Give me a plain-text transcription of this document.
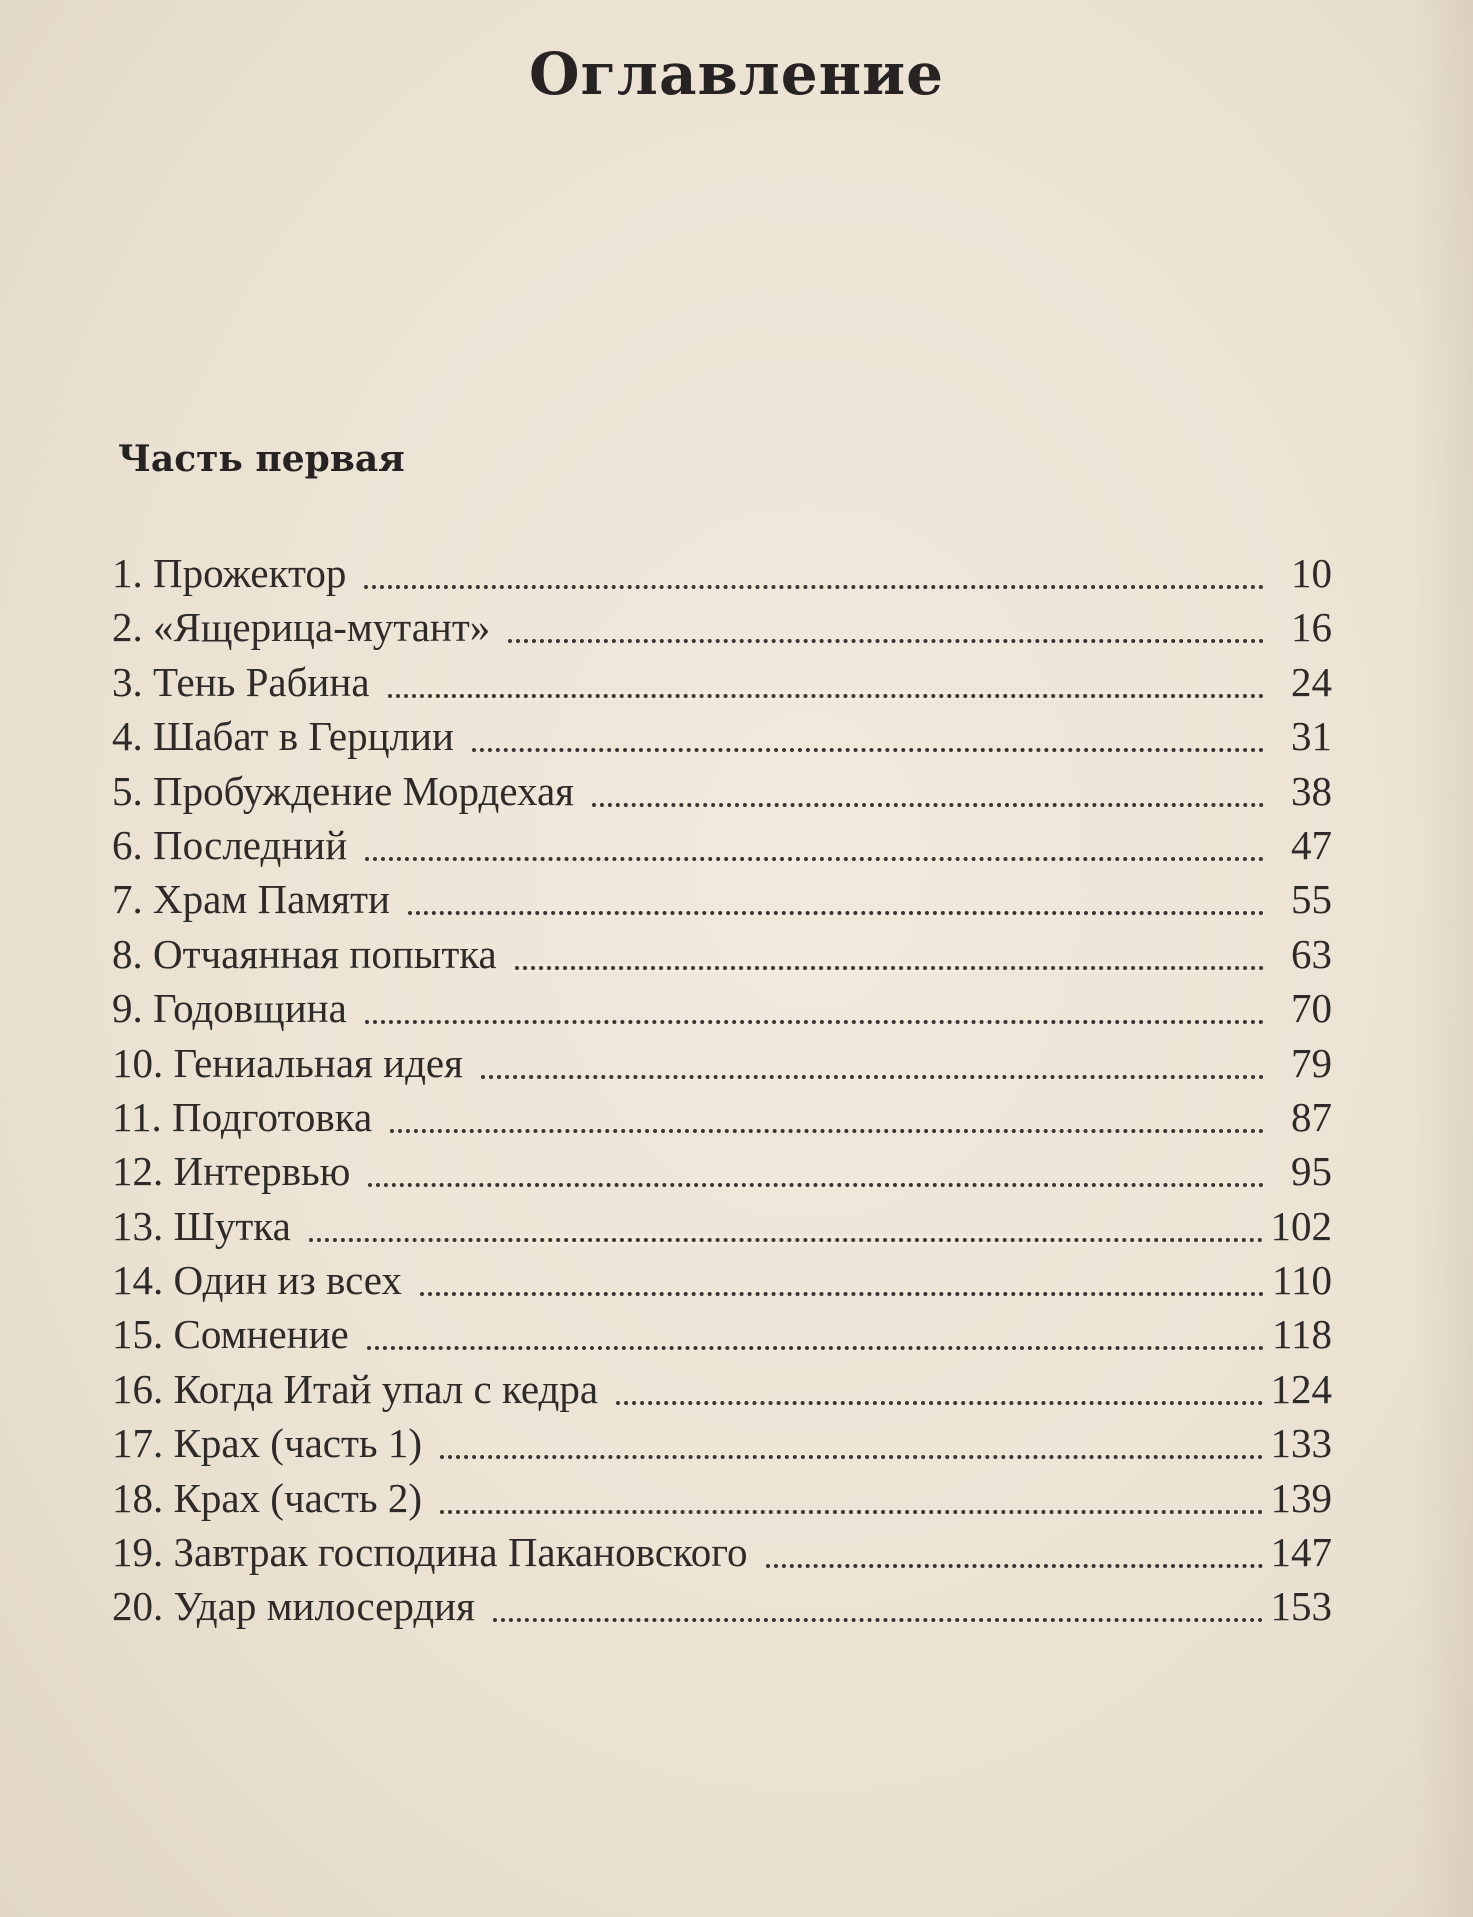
Оглавление
Часть первая
1. Прожектор	10
2. «Ящерица-мутант»	16
3. Тень Рабина	24
4. Шабат в Герцлии	31
5. Пробуждение Мордехая	38
6. Последний	47
7. Храм Памяти	55
8. Отчаянная попытка	63
9. Годовщина	70
10. Гениальная идея	79
11. Подготовка	87
12. Интервью	95
13. Шутка	102
14. Один из всех	110
15. Сомнение	118
16. Когда Итай упал с кедра	124
17. Крах (часть 1)	133
18. Крах (часть 2)	139
19. Завтрак господина Пакановского	147
20. Удар милосердия	153
